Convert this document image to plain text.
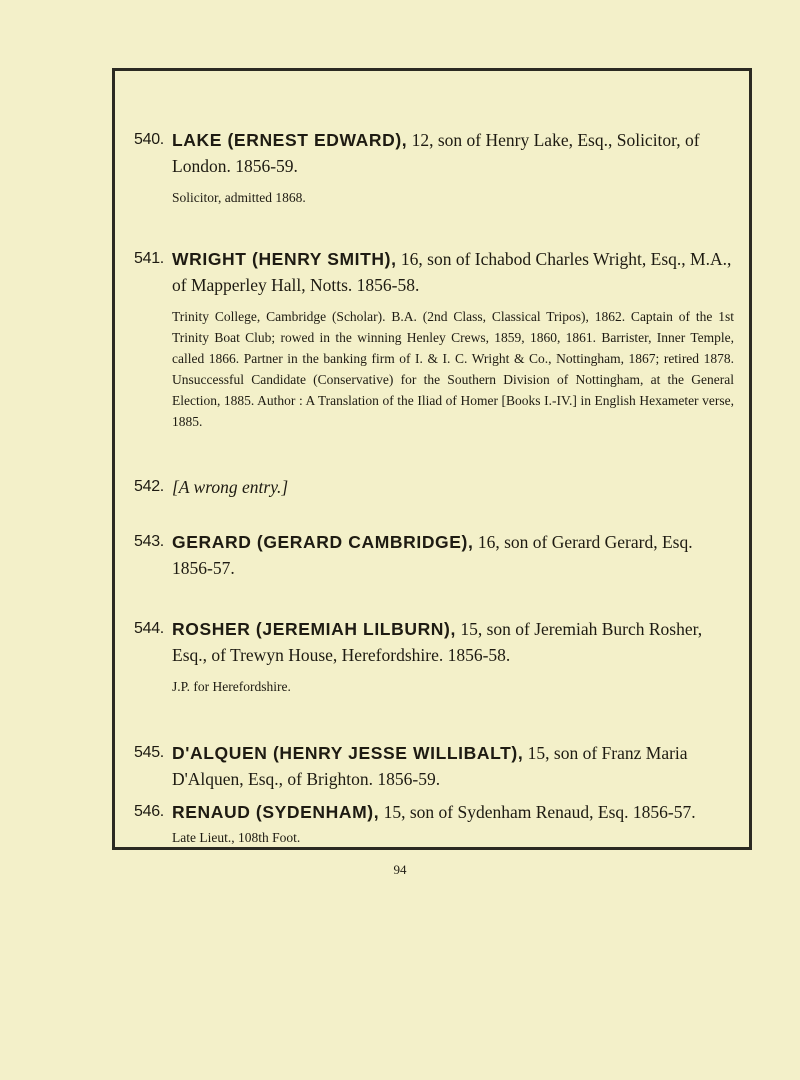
540. LAKE (ERNEST EDWARD), 12, son of Henry Lake, Esq., Solicitor, of London. 1856-59.
Solicitor, admitted 1868.
541. WRIGHT (HENRY SMITH), 16, son of Ichabod Charles Wright, Esq., M.A., of Mapperley Hall, Notts. 1856-58.
Trinity College, Cambridge (Scholar). B.A. (2nd Class, Classical Tripos), 1862. Captain of the 1st Trinity Boat Club; rowed in the winning Henley Crews, 1859, 1860, 1861. Barrister, Inner Temple, called 1866. Partner in the banking firm of I. & I. C. Wright & Co., Nottingham, 1867; retired 1878. Unsuccessful Candidate (Conservative) for the Southern Division of Nottingham, at the General Election, 1885. Author : A Translation of the Iliad of Homer [Books I.-IV.] in English Hexameter verse, 1885.
542. [A wrong entry.]
543. GERARD (GERARD CAMBRIDGE), 16, son of Gerard Gerard, Esq. 1856-57.
544. ROSHER (JEREMIAH LILBURN), 15, son of Jeremiah Burch Rosher, Esq., of Trewyn House, Herefordshire. 1856-58.
J.P. for Herefordshire.
545. D'ALQUEN (HENRY JESSE WILLIBALT), 15, son of Franz Maria D'Alquen, Esq., of Brighton. 1856-59.
546. RENAUD (SYDENHAM), 15, son of Sydenham Renaud, Esq. 1856-57.
Late Lieut., 108th Foot.
94
